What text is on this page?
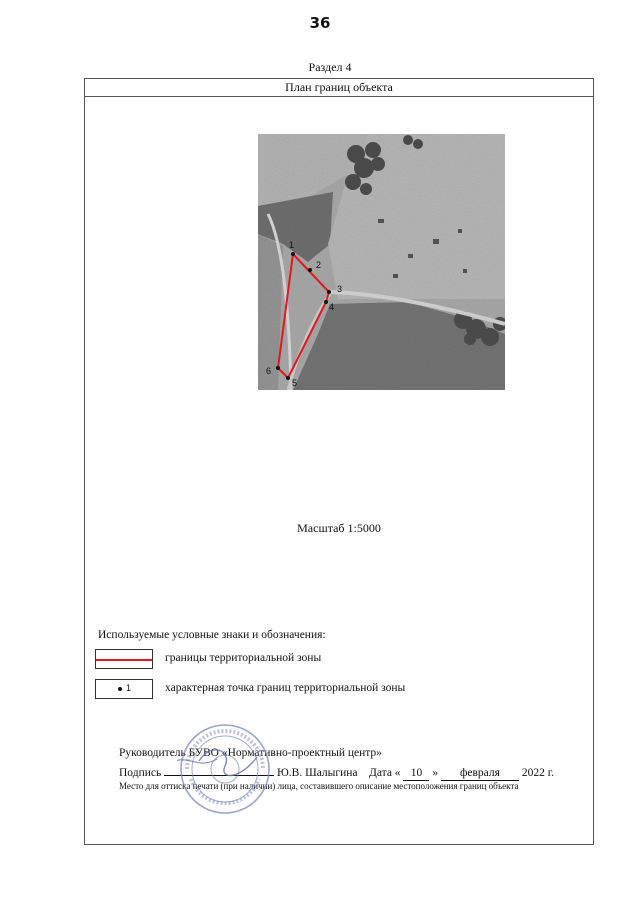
36
Раздел 4
План границ объекта
1
2
3
4
5
6
Масштаб 1:5000
Используемые условные знаки и обозначения:
границы территориальной зоны
1	характерная точка границ территориальной зоны
Руководитель БУВО «Нормативно-проектный центр»
Подпись	Ю.В. Шалыгина Дата « 10 » февраля 2022 г.
Место для оттиска печати (при наличии) лица, составившего описание местоположения границ объекта
